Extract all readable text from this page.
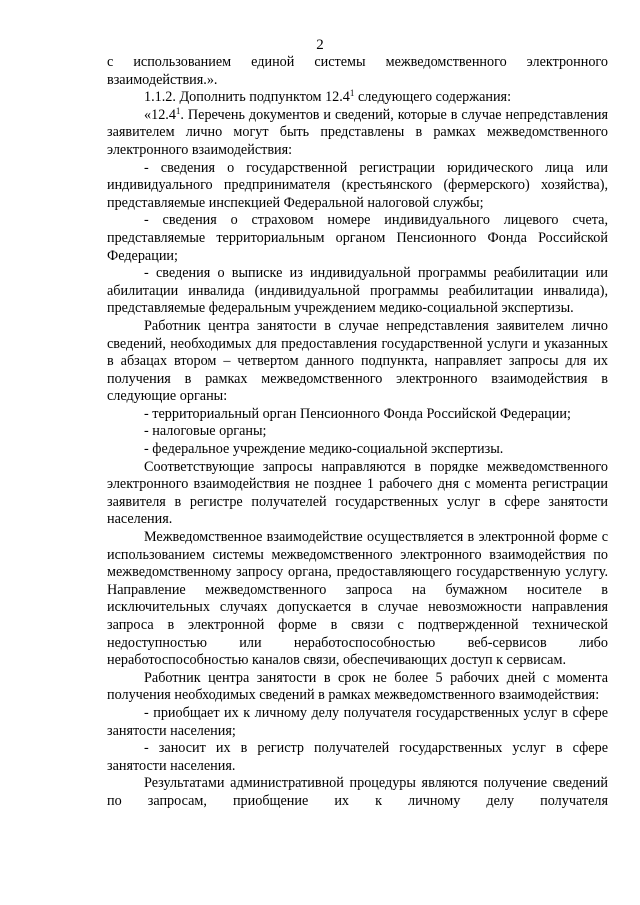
2

с использованием единой системы межведомственного электронного взаимодействия.».

1.1.2. Дополнить подпунктом 12.4$^1$ следующего содержания:

«12.4$^1$. Перечень документов и сведений, которые в случае непредставления заявителем лично могут быть представлены в рамках межведомственного электронного взаимодействия:

- сведения о государственной регистрации юридического лица или индивидуального предпринимателя (крестьянского (фермерского) хозяйства), представляемые инспекцией Федеральной налоговой службы;

- сведения о страховом номере индивидуального лицевого счета, представляемые территориальным органом Пенсионного Фонда Российской Федерации;

- сведения о выписке из индивидуальной программы реабилитации или абилитации инвалида (индивидуальной программы реабилитации инвалида), представляемые федеральным учреждением медико-социальной экспертизы.

Работник центра занятости в случае непредставления заявителем лично сведений, необходимых для предоставления государственной услуги и указанных в абзацах втором – четвертом данного подпункта, направляет запросы для их получения в рамках межведомственного электронного взаимодействия в следующие органы:

- территориальный орган Пенсионного Фонда Российской Федерации;

- налоговые органы;

- федеральное учреждение медико-социальной экспертизы.

Соответствующие запросы направляются в порядке межведомственного электронного взаимодействия не позднее 1 рабочего дня с момента регистрации заявителя в регистре получателей государственных услуг в сфере занятости населения.

Межведомственное взаимодействие осуществляется в электронной форме с использованием системы межведомственного электронного взаимодействия по межведомственному запросу органа, предоставляющего государственную услугу. Направление межведомственного запроса на бумажном носителе в исключительных случаях допускается в случае невозможности направления запроса в электронной форме в связи с подтвержденной технической недоступностью или неработоспособностью веб-сервисов либо неработоспособностью каналов связи, обеспечивающих доступ к сервисам.

Работник центра занятости в срок не более 5 рабочих дней с момента получения необходимых сведений в рамках межведомственного взаимодействия:

- приобщает их к личному делу получателя государственных услуг в сфере занятости населения;

- заносит их в регистр получателей государственных услуг в сфере занятости населения.

Результатами административной процедуры являются получение сведений по запросам, приобщение их к личному делу получателя
